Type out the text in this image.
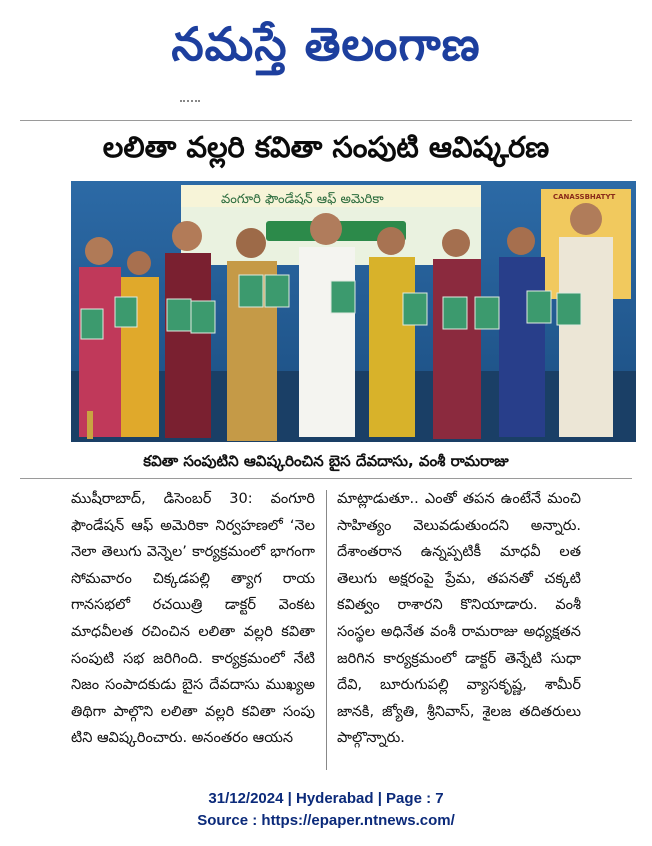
నమస్తే తెలంగాణ
లలితా వల్లరి కవితా సంపుటి ఆవిష్కరణ
వంగూరి ఫౌండేషన్ ఆఫ్ అమెరికా	CANASSBHATYT
కవితా సంపుటిని ఆవిష్కరించిన బైస దేవదాసు, వంశీ రామరాజు
ముషీరాబాద్, డిసెంబర్ 30: వంగూరి ఫౌండేషన్ ఆఫ్ అమెరికా నిర్వహణలో ‘నెల నెలా తెలుగు వెన్నెల’ కార్యక్రమంలో భాగంగా సోమవారం చిక్కడపల్లి త్యాగ రాయ గానసభలో రచయిత్రి డాక్టర్ వెంకట మాధవీలత రచించిన లలితా వల్లరి కవితా సంపుటి సభ జరిగింది. కార్యక్రమంలో నేటి నిజం సంపాదకుడు బైస దేవదాసు ముఖ్యఅ తిథిగా పాల్గొని లలితా వల్లరి కవితా సంపు టిని ఆవిష్కరించారు. అనంతరం ఆయన
మాట్లాడుతూ.. ఎంతో తపన ఉంటేనే మంచి సాహిత్యం వెలువడుతుందని అన్నారు. దేశాంతరాన ఉన్నప్పటికీ మాధవీ లత తెలుగు అక్షరంపై ప్రేమ, తపనతో చక్కటి కవిత్వం రాశారని కొనియాడారు. వంశీ సంస్థల అధినేత వంశీ రామరాజు అధ్యక్షతన జరిగిన కార్యక్రమంలో డాక్టర్ తెన్నేటి సుధా దేవి, బూరుగుపల్లి వ్యాసకృష్ణ, శామీర్ జానకి, జ్యోతి, శ్రీనివాస్, శైలజ తదితరులు పాల్గొన్నారు.
31/12/2024 | Hyderabad | Page : 7
Source : https://epaper.ntnews.com/
